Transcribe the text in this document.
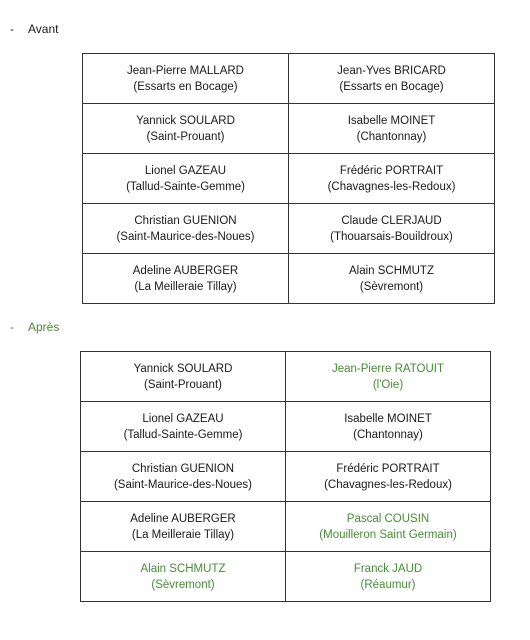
-	Avant
Jean-Pierre MALLARD
(Essarts en Bocage)	Jean-Yves BRICARD
(Essarts en Bocage)

Yannick SOULARD
(Saint-Prouant)	Isabelle MOINET
(Chantonnay)

Lionel GAZEAU
(Tallud-Sainte-Gemme)	Frédéric PORTRAIT
(Chavagnes-les-Redoux)

Christian GUENION
(Saint-Maurice-des-Noues)	Claude CLERJAUD
(Thouarsais-Bouildroux)

Adeline AUBERGER
(La Meilleraie Tillay)	Alain SCHMUTZ
(Sèvremont)
-	Après
Yannick SOULARD
(Saint-Prouant)	Jean-Pierre RATOUIT
(l'Oie)

Lionel GAZEAU
(Tallud-Sainte-Gemme)	Isabelle MOINET
(Chantonnay)

Christian GUENION
(Saint-Maurice-des-Noues)	Frédéric PORTRAIT
(Chavagnes-les-Redoux)

Adeline AUBERGER
(La Meilleraie Tillay)	Pascal COUSIN
(Mouilleron Saint Germain)

Alain SCHMUTZ
(Sèvremont)	Franck JAUD
(Réaumur)
